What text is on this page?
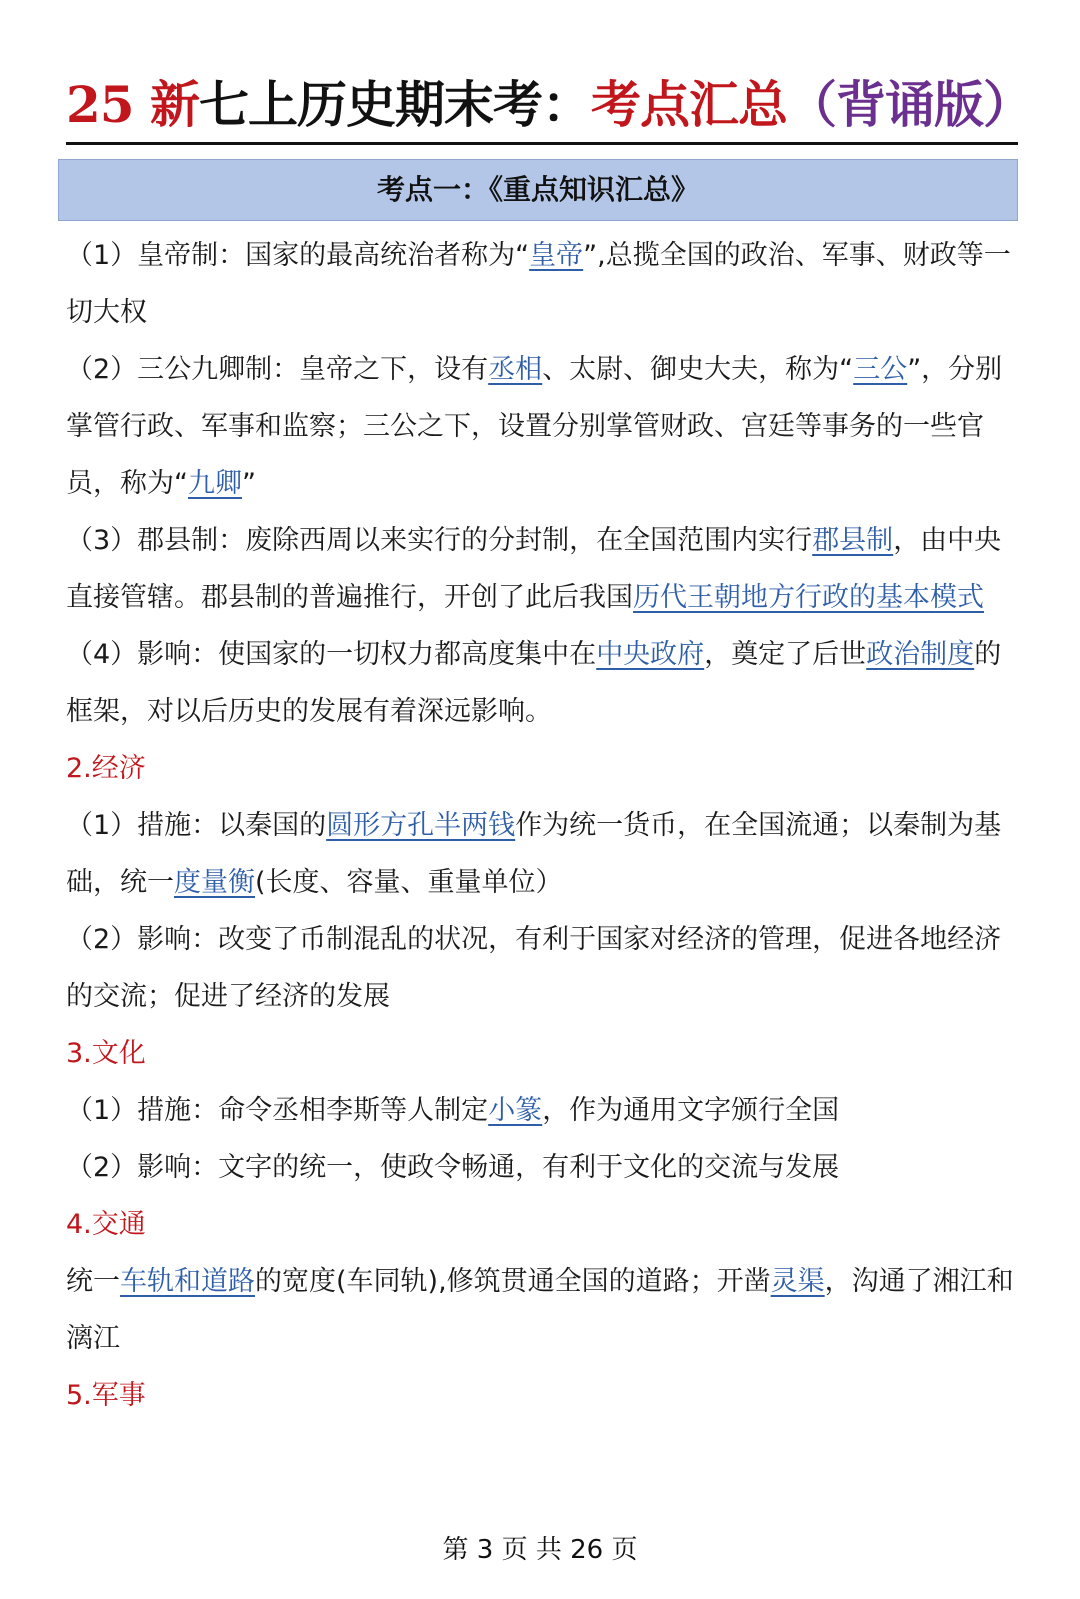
25 新七上历史期末考：考点汇总（背诵版）
考点一：《重点知识汇总》

（1）皇帝制：国家的最高统治者称为“皇帝”,总揽全国的政治、军事、财政等一切大权

（2）三公九卿制：皇帝之下，设有丞相、太尉、御史大夫，称为“三公”，分别掌管行政、军事和监察；三公之下，设置分别掌管财政、宫廷等事务的一些官员，称为“九卿”

（3）郡县制：废除西周以来实行的分封制，在全国范围内实行郡县制，由中央直接管辖。郡县制的普遍推行，开创了此后我国历代王朝地方行政的基本模式

（4）影响：使国家的一切权力都高度集中在中央政府，奠定了后世政治制度的框架，对以后历史的发展有着深远影响。

2.经济

（1）措施：以秦国的圆形方孔半两钱作为统一货币，在全国流通；以秦制为基础，统一度量衡(长度、容量、重量单位）

（2）影响：改变了币制混乱的状况，有利于国家对经济的管理，促进各地经济的交流；促进了经济的发展

3.文化

（1）措施：命令丞相李斯等人制定小篆，作为通用文字颁行全国

（2）影响：文字的统一，使政令畅通，有利于文化的交流与发展

4.交通

统一车轨和道路的宽度(车同轨),修筑贯通全国的道路；开凿灵渠，沟通了湘江和漓江

5.军事

第 3 页 共 26 页
